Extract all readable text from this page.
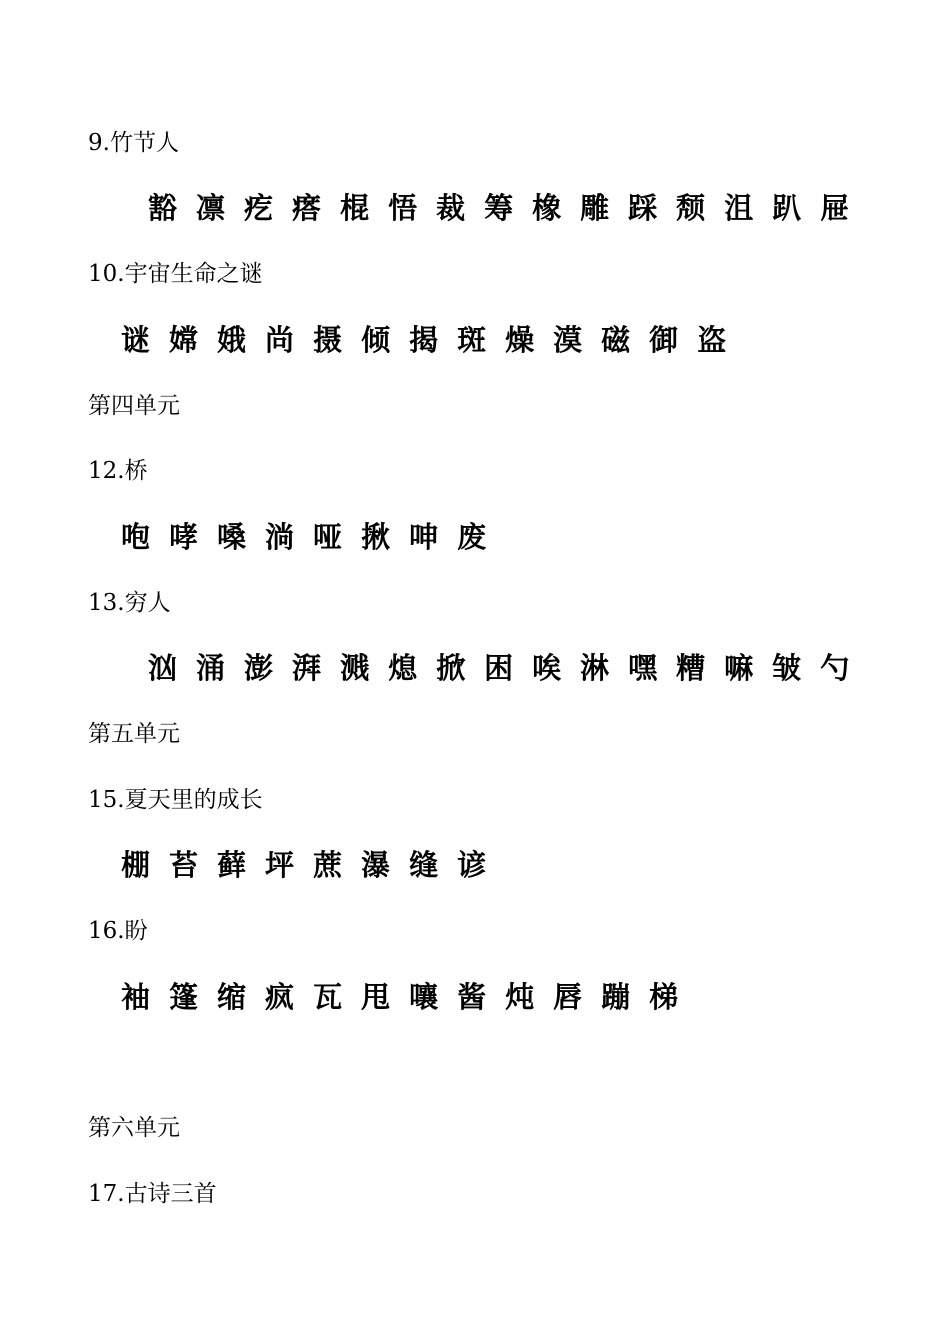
9.竹节人
豁 凛 疙 瘩 棍 悟 裁 筹 橡 雕 踩 颓 沮 趴 屉
10.宇宙生命之谜
谜 嫦 娥 尚 摄 倾 揭 斑 燥 漠 磁 御 盗
第四单元
12.桥
咆 哮 嗓 淌 哑 揪 呻 废
13.穷人
汹 涌 澎 湃 溅 熄 掀 困 唉 淋 嘿 糟 嘛 皱 勺
第五单元
15.夏天里的成长
棚 苔 藓 坪 蔗 瀑 缝 谚
16.盼
袖 篷 缩 疯 瓦 甩 嚷 酱 炖 唇 蹦 梯
第六单元
17.古诗三首
